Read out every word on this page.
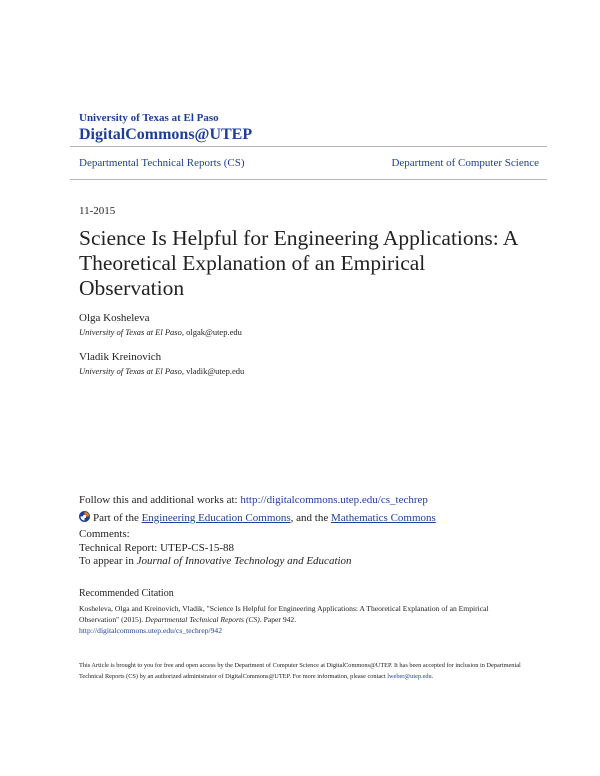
University of Texas at El Paso
DigitalCommons@UTEP
Departmental Technical Reports (CS)	Department of Computer Science
11-2015
Science Is Helpful for Engineering Applications: A Theoretical Explanation of an Empirical Observation
Olga Kosheleva
University of Texas at El Paso, olgak@utep.edu
Vladik Kreinovich
University of Texas at El Paso, vladik@utep.edu
Follow this and additional works at: http://digitalcommons.utep.edu/cs_techrep
Part of the Engineering Education Commons, and the Mathematics Commons
Comments:
Technical Report: UTEP-CS-15-88
To appear in Journal of Innovative Technology and Education
Recommended Citation
Kosheleva, Olga and Kreinovich, Vladik, "Science Is Helpful for Engineering Applications: A Theoretical Explanation of an Empirical Observation" (2015). Departmental Technical Reports (CS). Paper 942.
http://digitalcommons.utep.edu/cs_techrep/942
This Article is brought to you for free and open access by the Department of Computer Science at DigitalCommons@UTEP. It has been accepted for inclusion in Departmental Technical Reports (CS) by an authorized administrator of DigitalCommons@UTEP. For more information, please contact lweber@utep.edu.
